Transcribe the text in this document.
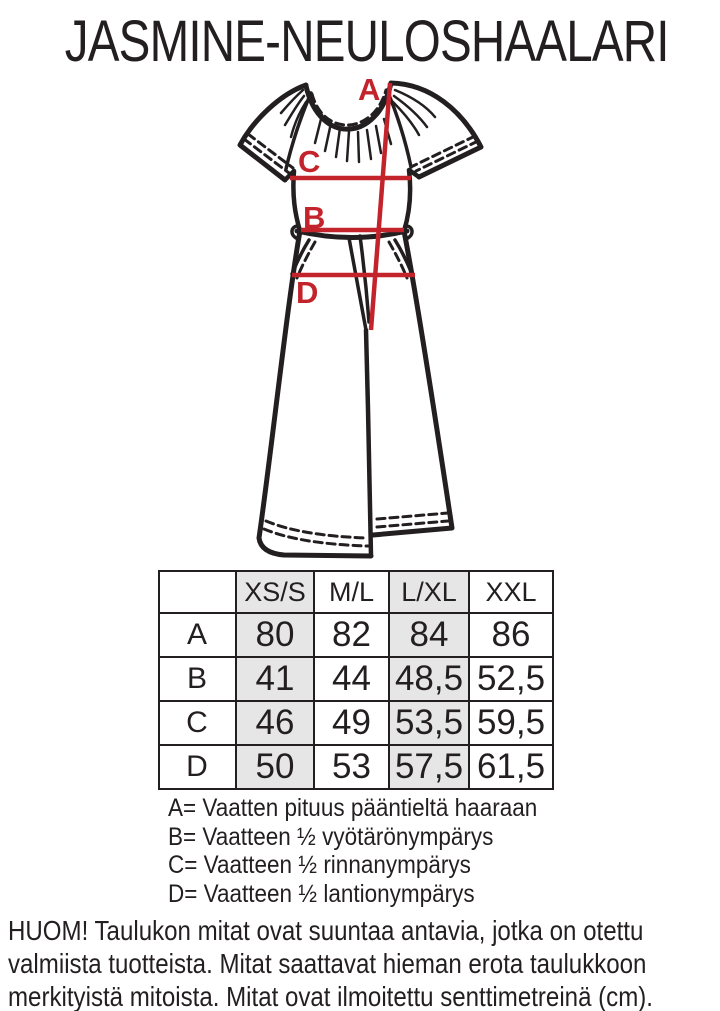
JASMINE-NEULOSHAALARI
A
C
B
D
	XS/S	M/L	L/XL	XXL
A	80	82	84	86
B	41	44	48,5	52,5
C	46	49	53,5	59,5
D	50	53	57,5	61,5
A= Vaatten pituus pääntieltä haaraan
B= Vaatteen ½ vyötärönympärys
C= Vaatteen ½ rinnanympärys
D= Vaatteen ½ lantionympärys
HUOM! Taulukon mitat ovat suuntaa antavia, jotka on otettu
valmiista tuotteista. Mitat saattavat hieman erota taulukkoon
merkityistä mitoista. Mitat ovat ilmoitettu senttimetreinä (cm).
